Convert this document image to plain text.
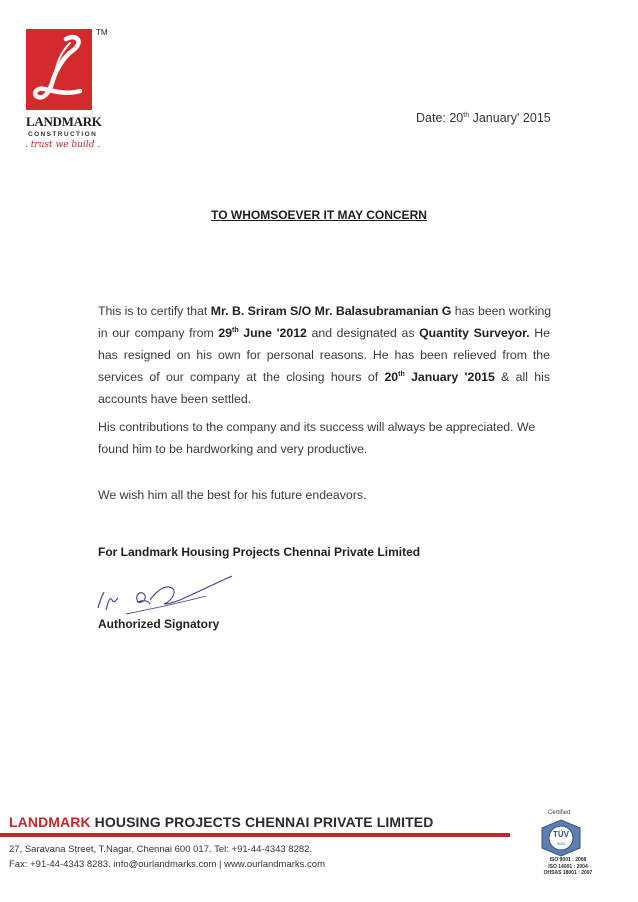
TM
LANDMARK
CONSTRUCTION
. trust we build .
Date: 20th January' 2015
TO WHOMSOEVER IT MAY CONCERN
This is to certify that Mr. B. Sriram S/O Mr. Balasubramanian G has been working
in our company from 29th June '2012 and designated as Quantity Surveyor. He
has resigned on his own for personal reasons. He has been relieved from the
services of our company at the closing hours of 20th January '2015 & all his
accounts have been settled.
His contributions to the company and its success will always be appreciated. We found him to be hardworking and very productive.
We wish him all the best for his future endeavors.
For Landmark Housing Projects Chennai Private Limited
Authorized Signatory
LANDMARK HOUSING PROJECTS CHENNAI PRIVATE LIMITED
27, Saravana Street, T.Nagar, Chennai 600 017. Tel: +91-44-4343 8282.
Fax: +91-44-4343 8283. info@ourlandmarks.com | www.ourlandmarks.com
Certified
TÜV
SÜD
ISO 9001 : 2008
ISO 14001 : 2004
OHSAS 18001 : 2007
